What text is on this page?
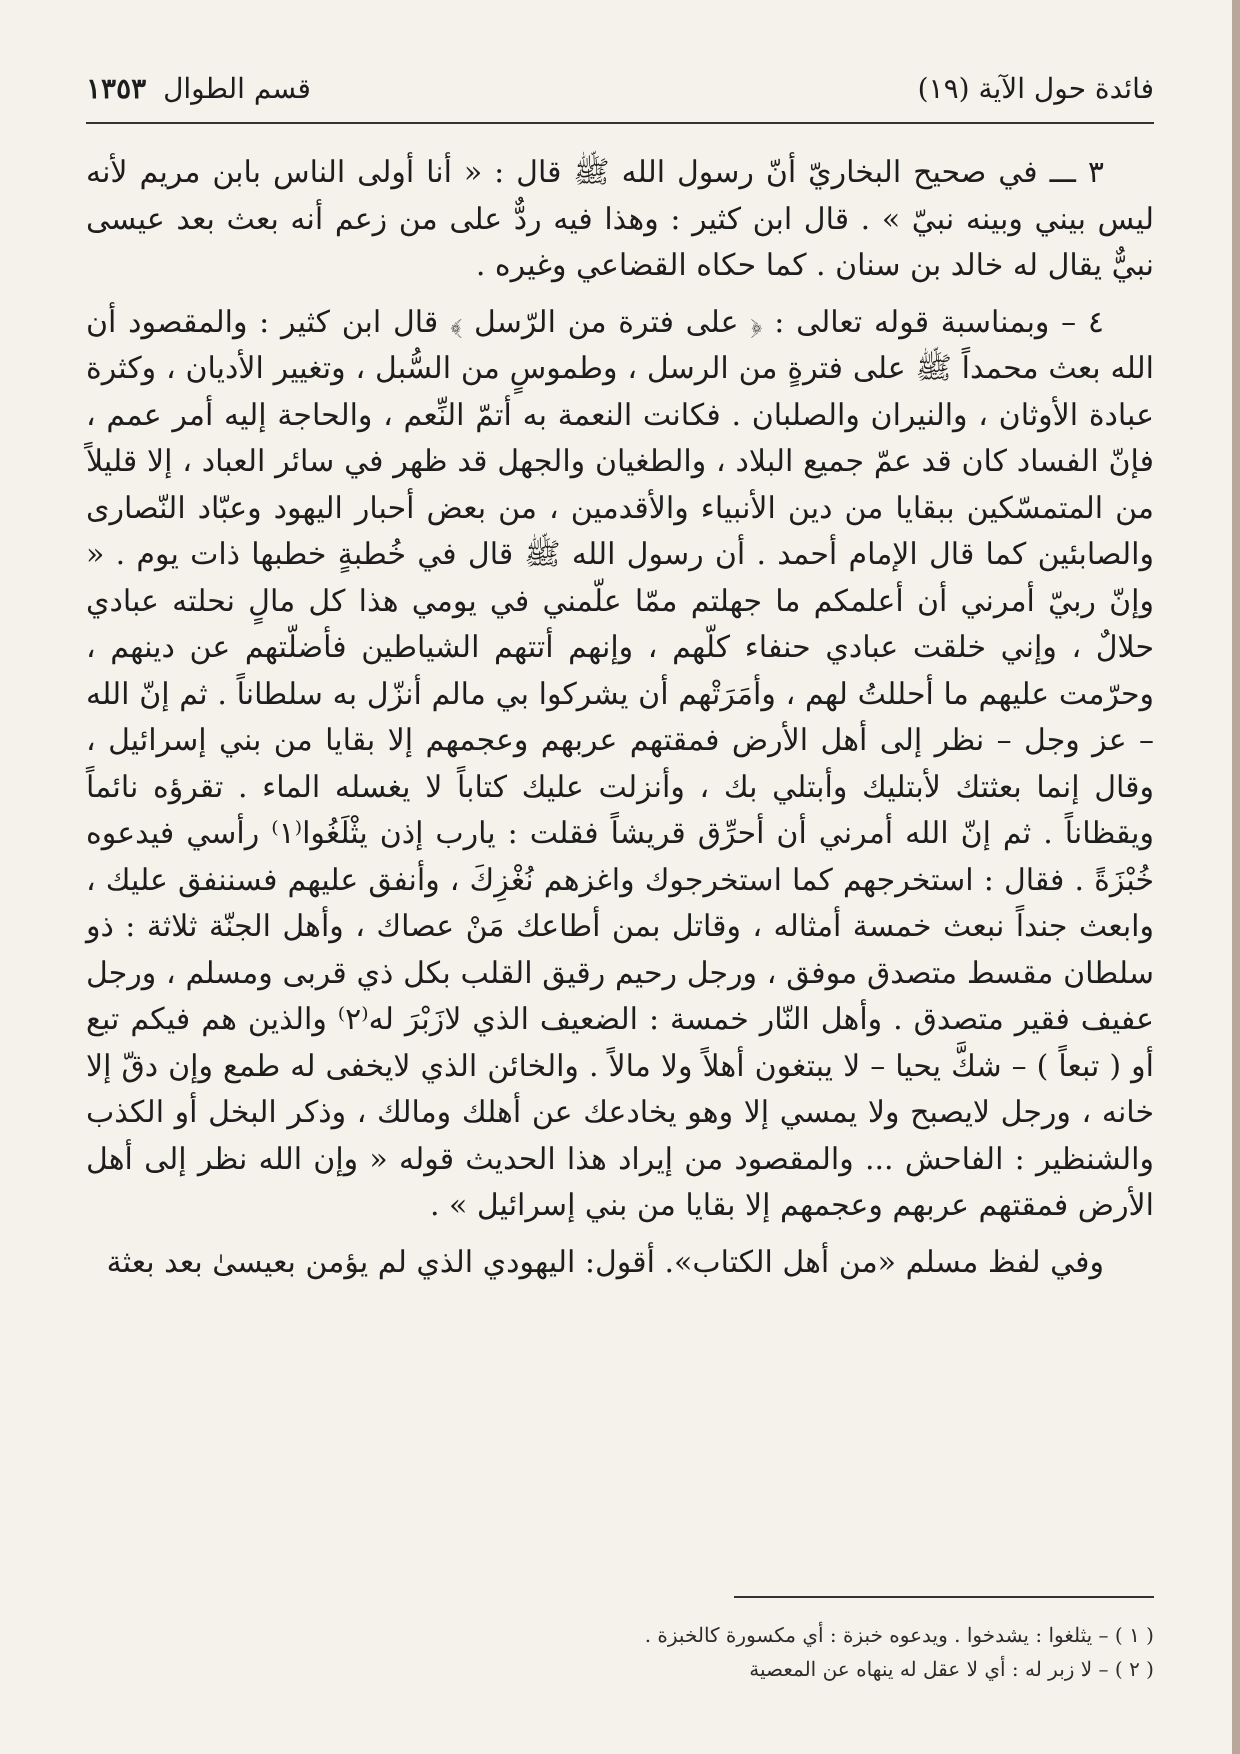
فائدة حول الآية (١٩)
قسم الطوال ١٣٥٣

٣ ـــ في صحيح البخاريّ أنّ رسول الله ﷺ قال : « أنا أولى الناس بابن مريم لأنه ليس بيني وبينه نبيّ » . قال ابن كثير : وهذا فيه ردٌّ على من زعم أنه بعث بعد عيسى نبيٌّ يقال له خالد بن سنان . كما حكاه القضاعي وغيره .

٤ – وبمناسبة قوله تعالى : ﴿ على فترة من الرّسل ﴾ قال ابن كثير : والمقصود أن الله بعث محمداً ﷺ على فترةٍ من الرسل ، وطموسٍ من السُّبل ، وتغيير الأديان ، وكثرة عبادة الأوثان ، والنيران والصلبان . فكانت النعمة به أتمّ النِّعم ، والحاجة إليه أمر عمم ، فإنّ الفساد كان قد عمّ جميع البلاد ، والطغيان والجهل قد ظهر في سائر العباد ، إلا قليلاً من المتمسّكين ببقايا من دين الأنبياء والأقدمين ، من بعض أحبار اليهود وعبّاد النّصارى والصابئين كما قال الإمام أحمد . أن رسول الله ﷺ قال في خُطبةٍ خطبها ذات يوم . « وإنّ ربيّ أمرني أن أعلمكم ما جهلتم ممّا علّمني في يومي هذا كل مالٍ نحلته عبادي حلالٌ ، وإني خلقت عبادي حنفاء كلّهم ، وإنهم أتتهم الشياطين فأضلّتهم عن دينهم ، وحرّمت عليهم ما أحللتُ لهم ، وأمَرَتْهم أن يشركوا بي مالم أنزّل به سلطاناً . ثم إنّ الله – عز وجل – نظر إلى أهل الأرض فمقتهم عربهم وعجمهم إلا بقايا من بني إسرائيل ، وقال إنما بعثتك لأبتليك وأبتلي بك ، وأنزلت عليك كتاباً لا يغسله الماء . تقرؤه نائماً ويقظاناً . ثم إنّ الله أمرني أن أحرِّق قريشاً فقلت : يارب إذن يثْلَغُوا⁽١⁾ رأسي فيدعوه خُبْزَةً . فقال : استخرجهم كما استخرجوك واغزهم نُغْزِكَ ، وأنفق عليهم فسننفق عليك ، وابعث جنداً نبعث خمسة أمثاله ، وقاتل بمن أطاعك مَنْ عصاك ، وأهل الجنّة ثلاثة : ذو سلطان مقسط متصدق موفق ، ورجل رحيم رقيق القلب بكل ذي قربى ومسلم ، ورجل عفيف فقير متصدق . وأهل النّار خمسة : الضعيف الذي لازَبْرَ له⁽٢⁾ والذين هم فيكم تبع أو ( تبعاً ) – شكَّ يحيا – لا يبتغون أهلاً ولا مالاً . والخائن الذي لايخفى له طمع وإن دقّ إلا خانه ، ورجل لايصبح ولا يمسي إلا وهو يخادعك عن أهلك ومالك ، وذكر البخل أو الكذب والشنظير : الفاحش ... والمقصود من إيراد هذا الحديث قوله « وإن الله نظر إلى أهل الأرض فمقتهم عربهم وعجمهم إلا بقايا من بني إسرائيل » .

وفي لفظ مسلم «من أهل الكتاب». أقول: اليهودي الذي لم يؤمن بعيسىٰ بعد بعثة

( ١ ) – يثلغوا : يشدخوا . ويدعوه خبزة : أي مكسورة كالخبزة .

( ٢ ) – لا زبر له : أي لا عقل له ينهاه عن المعصية
